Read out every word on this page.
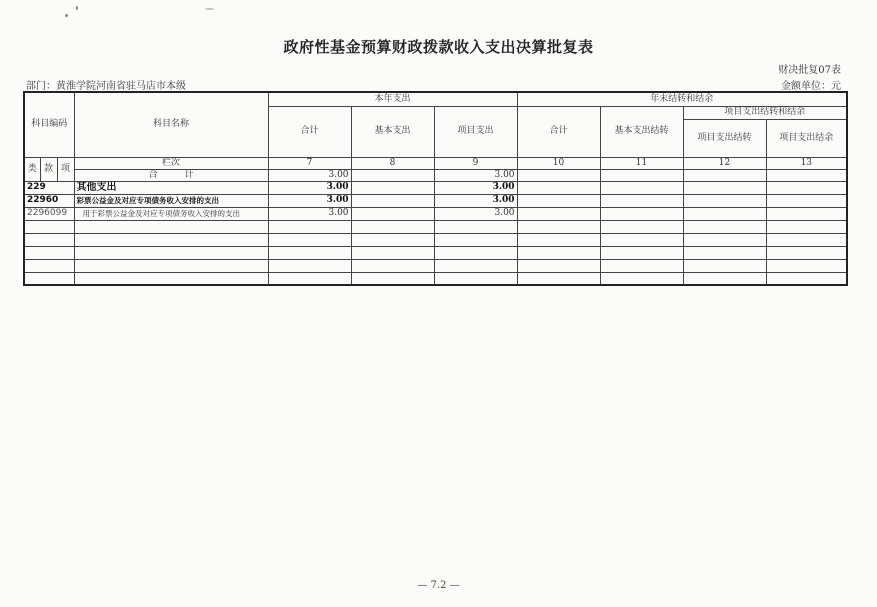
政府性基金预算财政拨款收入支出决算批复表
财决批复07表
部门：黄淮学院河南省驻马店市本级	金额单位：元
科目编码			科目名称	本年支出			年末结转和结余			
				合计	基本支出	项目支出	合计	基本支出结转	项目支出结转和结余	
									项目支出结转	项目支出结余
类	款	项	栏次	7	8	9	10	11	12	13
			合　　　计	3.00		3.00				
229			其他支出	3.00		3.00				
22960			彩票公益金及对应专项债务收入安排的支出	3.00		3.00				
2296099			用于彩票公益金及对应专项债务收入安排的支出	3.00		3.00				

— 7.2 —
